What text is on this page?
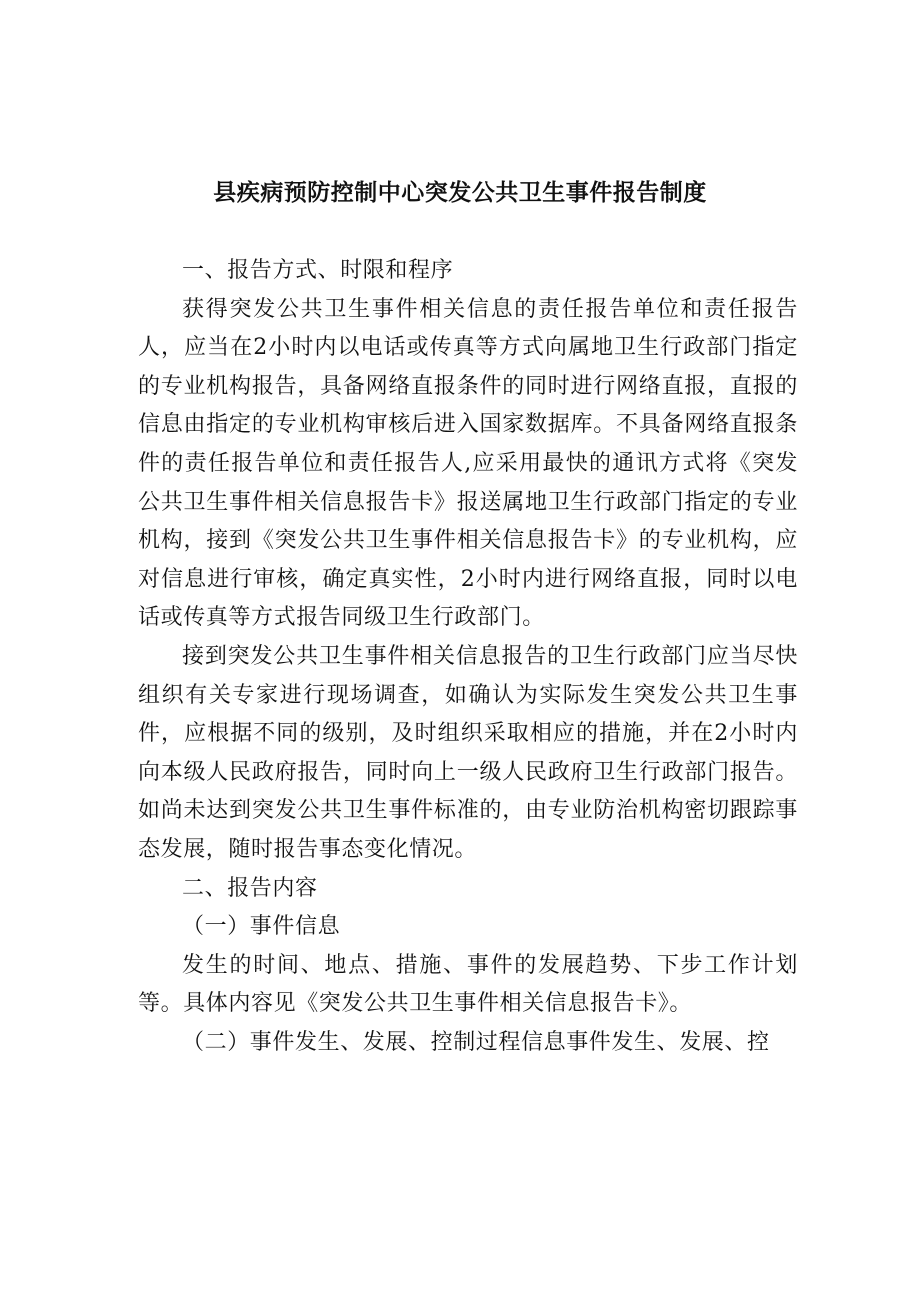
县疾病预防控制中心突发公共卫生事件报告制度

一、报告方式、时限和程序

获得突发公共卫生事件相关信息的责任报告单位和责任报告人，应当在2小时内以电话或传真等方式向属地卫生行政部门指定的专业机构报告，具备网络直报条件的同时进行网络直报，直报的信息由指定的专业机构审核后进入国家数据库。不具备网络直报条件的责任报告单位和责任报告人,应采用最快的通讯方式将《突发公共卫生事件相关信息报告卡》报送属地卫生行政部门指定的专业机构，接到《突发公共卫生事件相关信息报告卡》的专业机构，应对信息进行审核，确定真实性，2小时内进行网络直报，同时以电话或传真等方式报告同级卫生行政部门。

接到突发公共卫生事件相关信息报告的卫生行政部门应当尽快组织有关专家进行现场调查，如确认为实际发生突发公共卫生事件，应根据不同的级别，及时组织采取相应的措施，并在2小时内向本级人民政府报告，同时向上一级人民政府卫生行政部门报告。如尚未达到突发公共卫生事件标准的，由专业防治机构密切跟踪事态发展，随时报告事态变化情况。

二、报告内容

（一）事件信息

发生的时间、地点、措施、事件的发展趋势、下步工作计划等。具体内容见《突发公共卫生事件相关信息报告卡》。

（二）事件发生、发展、控制过程信息事件发生、发展、控
